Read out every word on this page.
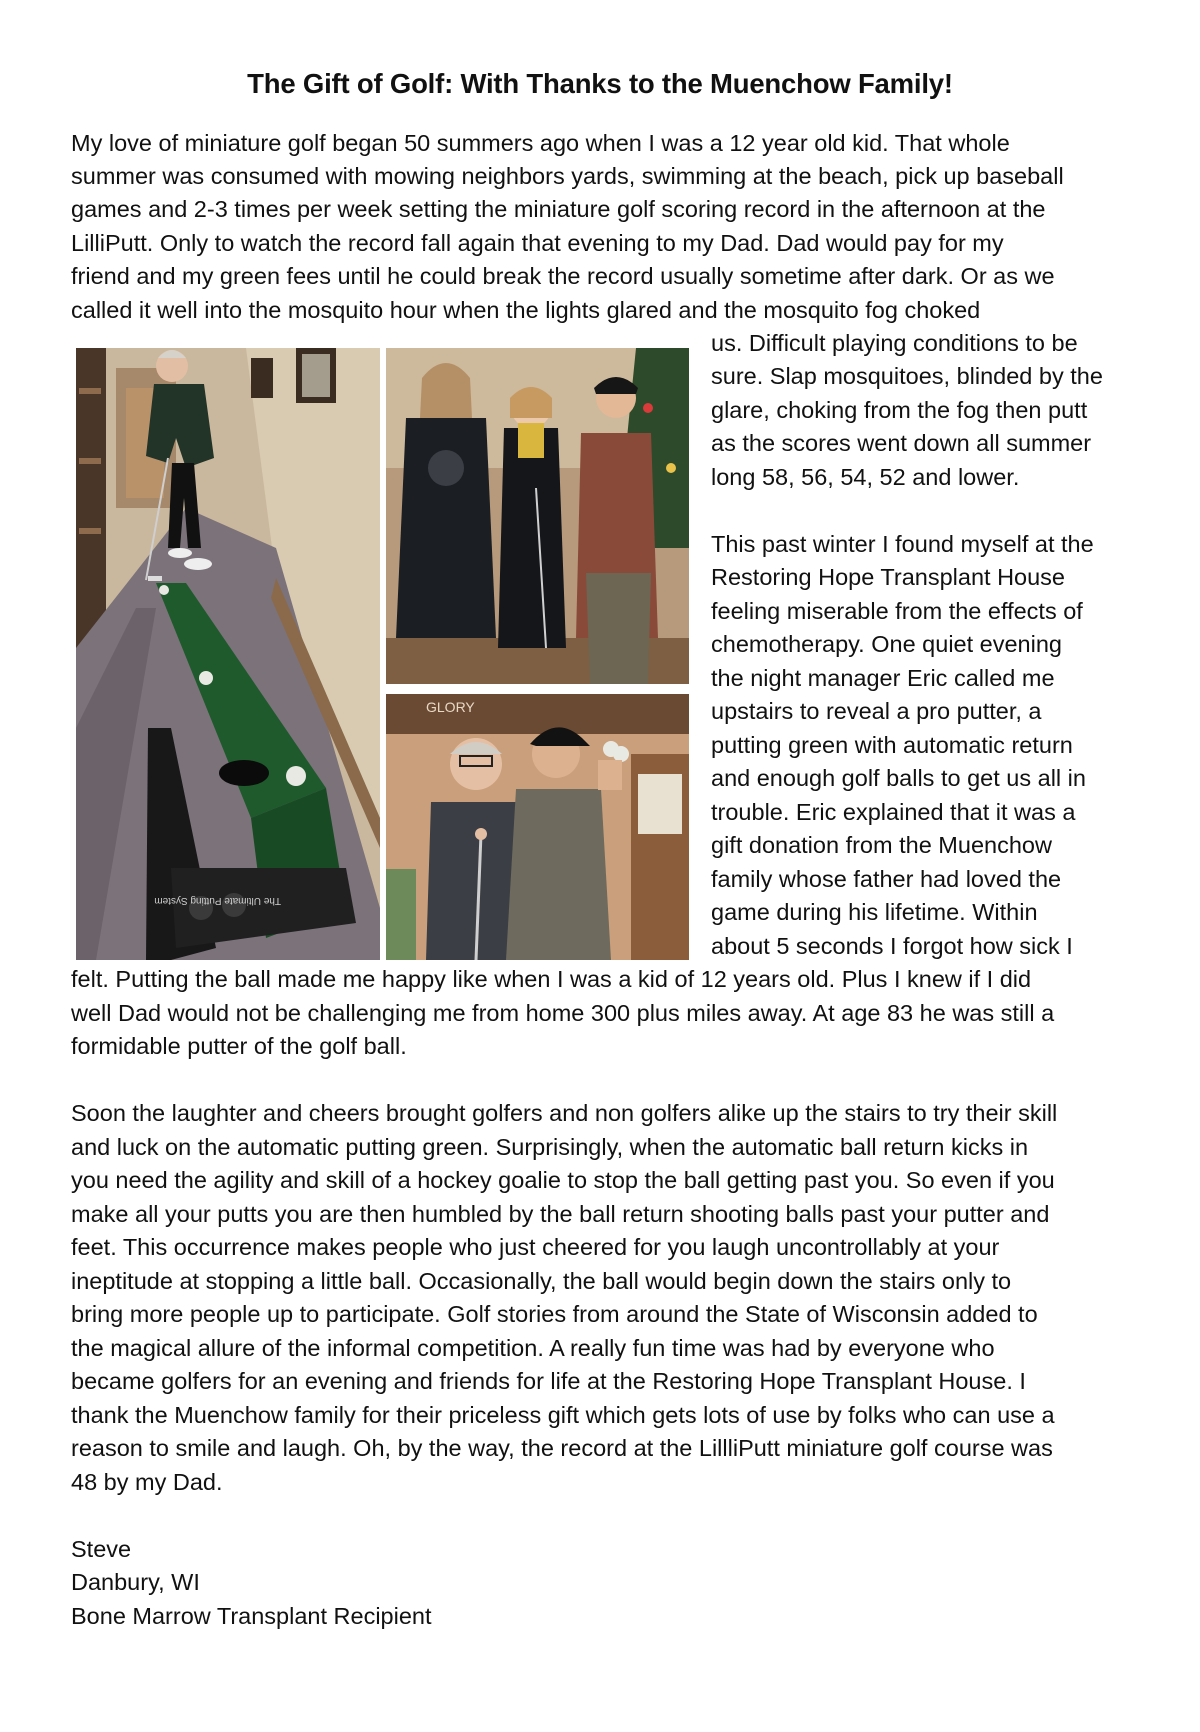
The Gift of Golf: With Thanks to the Muenchow Family!
My love of miniature golf began 50 summers ago when I was a 12 year old kid. That whole
summer was consumed with mowing neighbors yards, swimming at the beach, pick up baseball
games and 2-3 times per week setting the miniature golf scoring record in the afternoon at the
LilliPutt. Only to watch the record fall again that evening to my Dad. Dad would pay for my
friend and my green fees until he could break the record usually sometime after dark. Or as we
called it well into the mosquito hour when the lights glared and the mosquito fog choked
us. Difficult playing conditions to be
sure. Slap mosquitoes, blinded by the
glare, choking from the fog then putt
as the scores went down all summer
long 58, 56, 54, 52 and lower.
This past winter I found myself at the
Restoring Hope Transplant House
feeling miserable from the effects of
chemotherapy. One quiet evening
the night manager Eric called me
upstairs to reveal a pro putter, a
putting green with automatic return
and enough golf balls to get us all in
trouble. Eric explained that it was a
gift donation from the Muenchow
family whose father had loved the
game during his lifetime. Within
about 5 seconds I forgot how sick I
felt. Putting the ball made me happy like when I was a kid of 12 years old. Plus I knew if I did
well Dad would not be challenging me from home 300 plus miles away. At age 83 he was still a
formidable putter of the golf ball.
Soon the laughter and cheers brought golfers and non golfers alike up the stairs to try their skill
and luck on the automatic putting green. Surprisingly, when the automatic ball return kicks in
you need the agility and skill of a hockey goalie to stop the ball getting past you. So even if you
make all your putts you are then humbled by the ball return shooting balls past your putter and
feet. This occurrence makes people who just cheered for you laugh uncontrollably at your
ineptitude at stopping a little ball. Occasionally, the ball would begin down the stairs only to
bring more people up to participate. Golf stories from around the State of Wisconsin added to
the magical allure of the informal competition. A really fun time was had by everyone who
became golfers for an evening and friends for life at the Restoring Hope Transplant House. I
thank the Muenchow family for their priceless gift which gets lots of use by folks who can use a
reason to smile and laugh. Oh, by the way, the record at the LillliPutt miniature golf course was
48 by my Dad.
Steve
Danbury, WI
Bone Marrow Transplant Recipient
The Ultimate Putting System
GLORY
